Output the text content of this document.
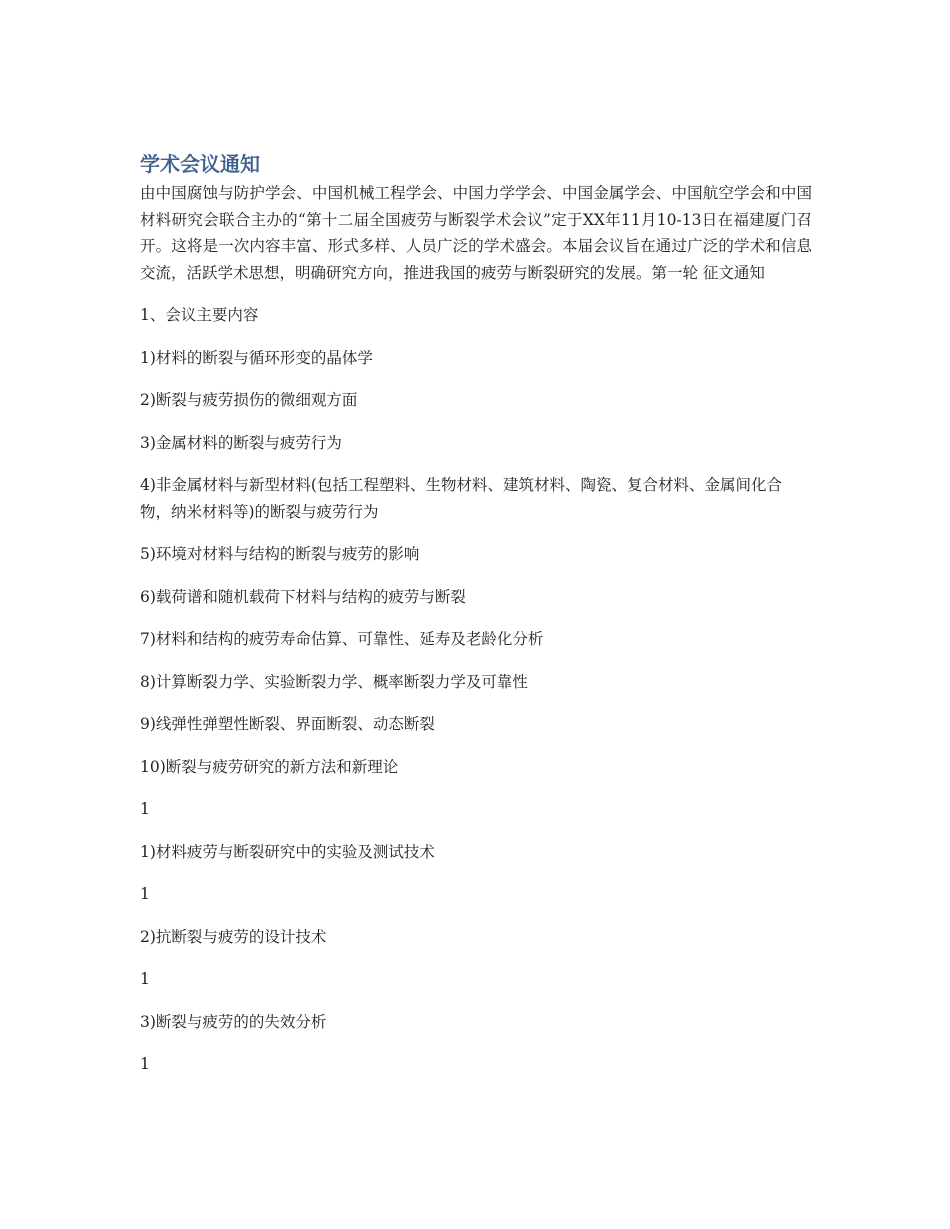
学术会议通知

由中国腐蚀与防护学会、中国机械工程学会、中国力学学会、中国金属学会、中国航空学会和中国材料研究会联合主办的“第十二届全国疲劳与断裂学术会议”定于XX年11月10-13日在福建厦门召开。这将是一次内容丰富、形式多样、人员广泛的学术盛会。本届会议旨在通过广泛的学术和信息交流，活跃学术思想，明确研究方向，推进我国的疲劳与断裂研究的发展。第一轮 征文通知

1、会议主要内容

1)材料的断裂与循环形变的晶体学

2)断裂与疲劳损伤的微细观方面

3)金属材料的断裂与疲劳行为

4)非金属材料与新型材料(包括工程塑料、生物材料、建筑材料、陶瓷、复合材料、金属间化合物，纳米材料等)的断裂与疲劳行为

5)环境对材料与结构的断裂与疲劳的影响

6)载荷谱和随机载荷下材料与结构的疲劳与断裂

7)材料和结构的疲劳寿命估算、可靠性、延寿及老龄化分析

8)计算断裂力学、实验断裂力学、概率断裂力学及可靠性

9)线弹性弹塑性断裂、界面断裂、动态断裂

10)断裂与疲劳研究的新方法和新理论

1

1)材料疲劳与断裂研究中的实验及测试技术

1

2)抗断裂与疲劳的设计技术

1

3)断裂与疲劳的的失效分析

1
